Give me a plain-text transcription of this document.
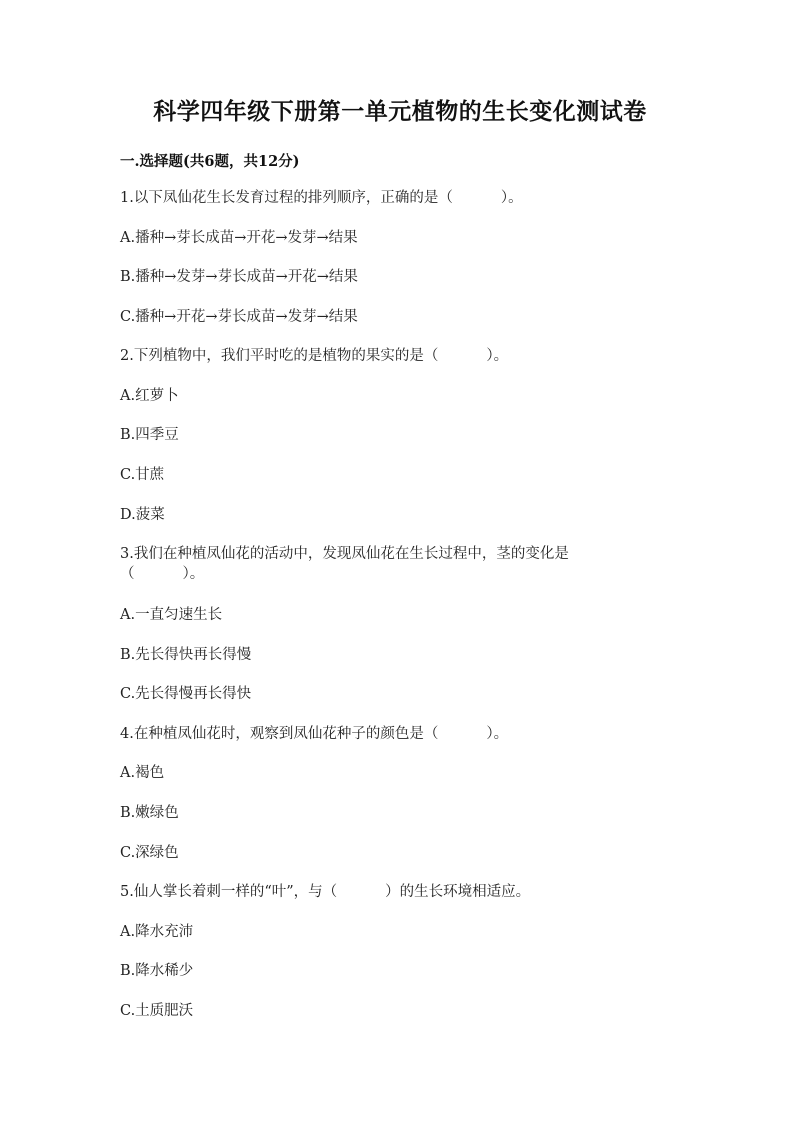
科学四年级下册第一单元植物的生长变化测试卷
一.选择题(共6题，共12分)
1.以下凤仙花生长发育过程的排列顺序，正确的是（	）。
A.播种→芽长成苗→开花→发芽→结果
B.播种→发芽→芽长成苗→开花→结果
C.播种→开花→芽长成苗→发芽→结果
2.下列植物中，我们平时吃的是植物的果实的是（	）。
A.红萝卜
B.四季豆
C.甘蔗
D.菠菜
3.我们在种植凤仙花的活动中，发现凤仙花在生长过程中，茎的变化是
（	）。
A.一直匀速生长
B.先长得快再长得慢
C.先长得慢再长得快
4.在种植凤仙花时，观察到凤仙花种子的颜色是（	）。
A.褐色
B.嫩绿色
C.深绿色
5.仙人掌长着刺一样的“叶”，与（	）的生长环境相适应。
A.降水充沛
B.降水稀少
C.土质肥沃
